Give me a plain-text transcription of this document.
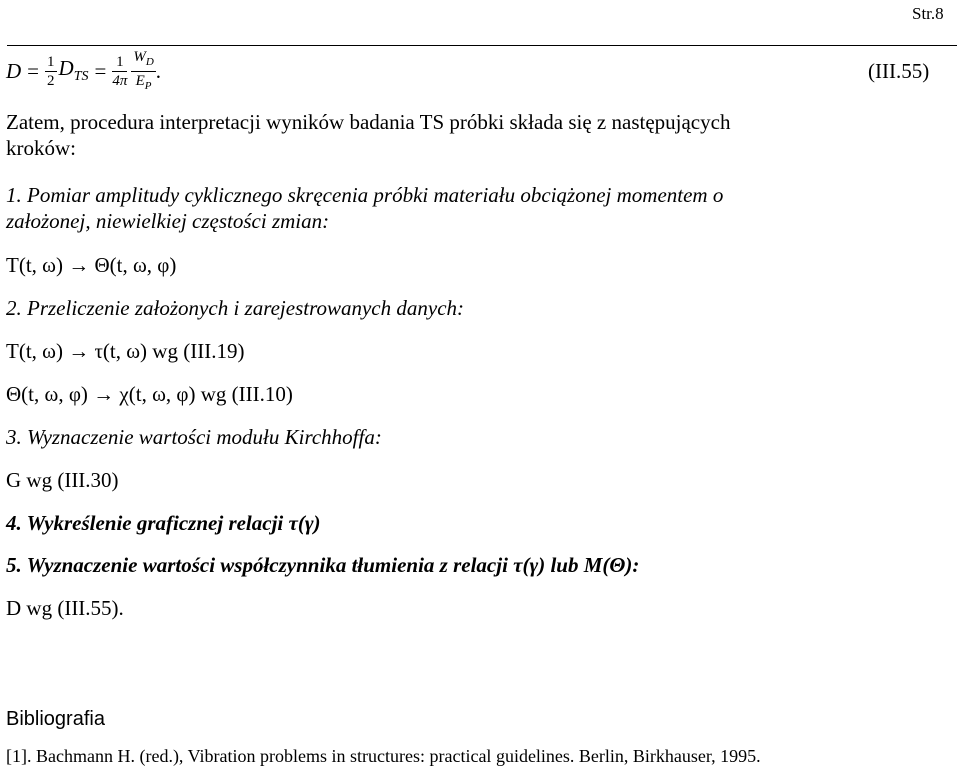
Str.8
$D = \frac{1}{2} D_{TS} = \frac{1}{4\pi} \frac{W_D}{E_P}$ .	(III.55)
Zatem, procedura interpretacji wyników badania TS próbki składa się z następujących
kroków:
1. Pomiar amplitudy cyklicznego skręcenia próbki materiału obciążonej momentem o
założonej, niewielkiej częstości zmian:
T(t, ω) → Θ(t, ω, φ)
2. Przeliczenie założonych i zarejestrowanych danych:
T(t, ω) → τ(t, ω) wg (III.19)
Θ(t, ω, φ) → χ(t, ω, φ) wg (III.10)
3. Wyznaczenie wartości modułu Kirchhoffa:
G wg (III.30)
4. Wykreślenie graficznej relacji τ(γ)
5. Wyznaczenie wartości współczynnika tłumienia z relacji τ(γ) lub M(Θ):
D wg (III.55).
Bibliografia
[1]. Bachmann H. (red.), Vibration problems in structures: practical guidelines. Berlin, Birkhauser, 1995.
